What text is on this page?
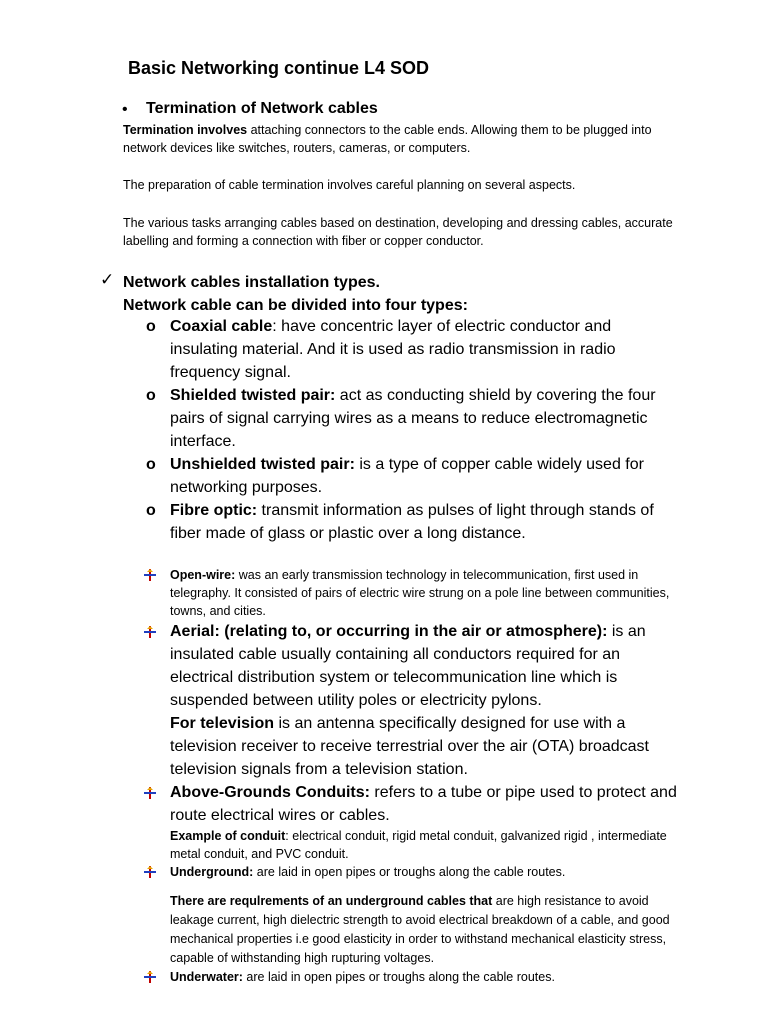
Basic Networking continue L4 SOD
• Termination of Network cables
Termination involves attaching connectors to the cable ends. Allowing them to be plugged into network devices like switches, routers, cameras, or computers.
The preparation of cable termination involves careful planning on several aspects.
The various tasks arranging cables based on destination, developing and dressing cables, accurate labelling and forming a connection with fiber or copper conductor.
✓ Network cables installation types.
Network cable can be divided into four types:
o Coaxial cable: have concentric layer of electric conductor and insulating material. And it is used as radio transmission in radio frequency signal.
o Shielded twisted pair: act as conducting shield by covering the four pairs of signal carrying wires as a means to reduce electromagnetic interface.
o Unshielded twisted pair: is a type of copper cable widely used for networking purposes.
o Fibre optic: transmit information as pulses of light through stands of fiber made of glass or plastic over a long distance.
Open-wire: was an early transmission technology in telecommunication, first used in telegraphy. It consisted of pairs of electric wire strung on a pole line between communities, towns, and cities.
Aerial: (relating to, or occurring in the air or atmosphere): is an insulated cable usually containing all conductors required for an electrical distribution system or telecommunication line which is suspended between utility poles or electricity pylons.
For television is an antenna specifically designed for use with a television receiver to receive terrestrial over the air (OTA) broadcast television signals from a television station.
Above-Grounds Conduits: refers to a tube or pipe used to protect and route electrical wires or cables.
Example of conduit: electrical conduit, rigid metal conduit, galvanized rigid , intermediate metal conduit, and PVC conduit.
Underground: are laid in open pipes or troughs along the cable routes.
There are requlrements of an underground cables that are high resistance to avoid leakage current, high dielectric strength to avoid electrical breakdown of a cable, and good mechanical properties i.e good elasticity in order to withstand mechanical elasticity stress, capable of withstanding high rupturing voltages.
Underwater: are laid in open pipes or troughs along the cable routes.
